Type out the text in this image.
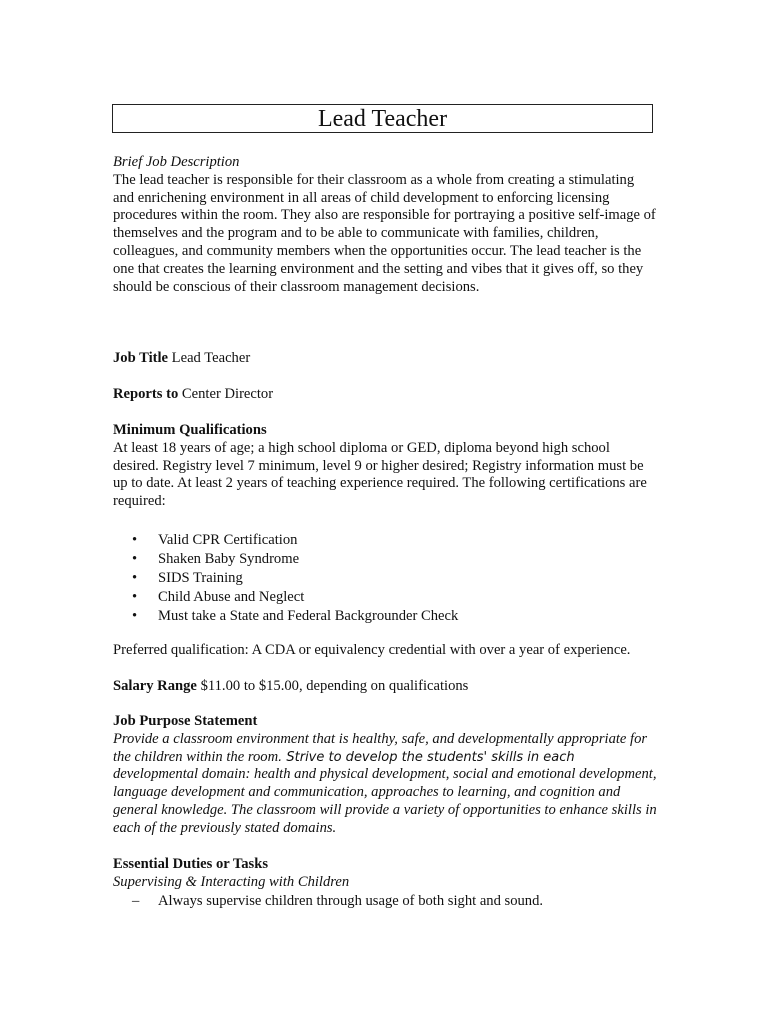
Lead Teacher

Brief Job Description

The lead teacher is responsible for their classroom as a whole from creating a stimulating and enrichening environment in all areas of child development to enforcing licensing procedures within the room. They also are responsible for portraying a positive self-image of themselves and the program and to be able to communicate with families, children, colleagues, and community members when the opportunities occur. The lead teacher is the one that creates the learning environment and the setting and vibes that it gives off, so they should be conscious of their classroom management decisions.

Job Title Lead Teacher
Reports to Center Director

Minimum Qualifications

At least 18 years of age; a high school diploma or GED, diploma beyond high school desired. Registry level 7 minimum, level 9 or higher desired; Registry information must be up to date. At least 2 years of teaching experience required. The following certifications are required:

• Valid CPR Certification
• Shaken Baby Syndrome
• SIDS Training
• Child Abuse and Neglect
• Must take a State and Federal Backgrounder Check
Preferred qualification: A CDA or equivalency credential with over a year of experience.
Salary Range $11.00 to $15.00, depending on qualifications

Job Purpose Statement

Provide a classroom environment that is healthy, safe, and developmentally appropriate for the children within the room. Strive to develop the students' skills in each developmental domain: health and physical development, social and emotional development, language development and communication, approaches to learning, and cognition and general knowledge. The classroom will provide a variety of opportunities to enhance skills in each of the previously stated domains.

Essential Duties or Tasks

Supervising & Interacting with Children

– Always supervise children through usage of both sight and sound.
